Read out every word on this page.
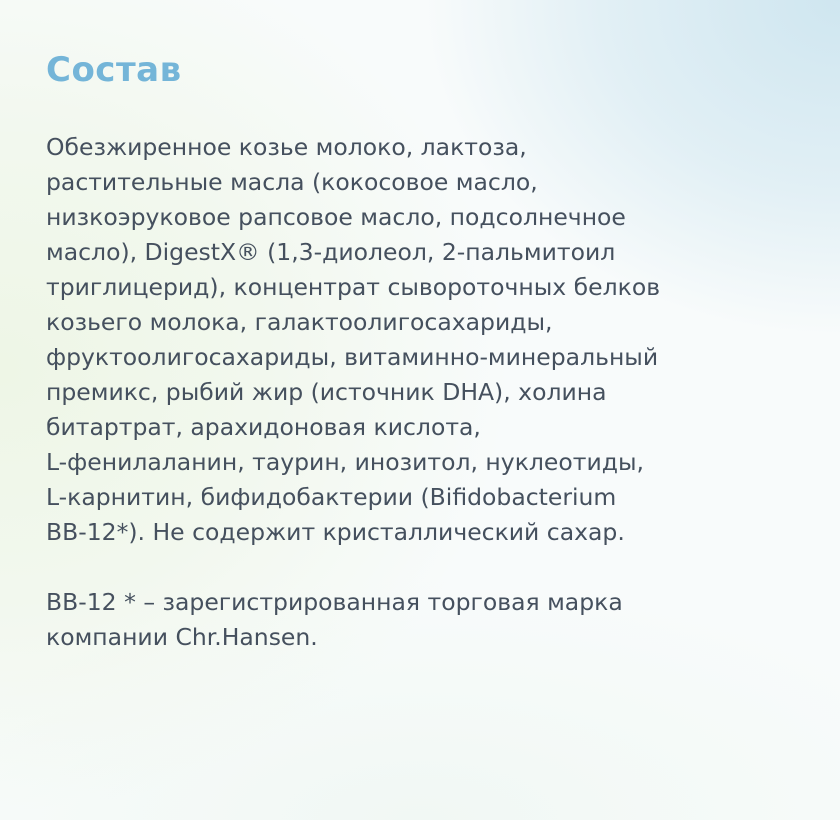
Состав

Обезжиренное козье молоко, лактоза,
растительные масла (кокосовое масло,
низкоэруковое рапсовое масло, подсолнечное
масло), DigestX® (1,3-диолеол, 2-пальмитоил
триглицерид), концентрат сывороточных белков
козьего молока, галактоолигосахариды,
фруктоолигосахариды, витаминно-минеральный
премикс, рыбий жир (источник DHA), холина
битартрат, арахидоновая кислота,
L-фенилаланин, таурин, инозитол, нуклеотиды,
L-карнитин, бифидобактерии (Bifidobacterium
BB-12*). Не содержит кристаллический сахар.

BB-12 * – зарегистрированная торговая марка
компании Chr.Hansen.
